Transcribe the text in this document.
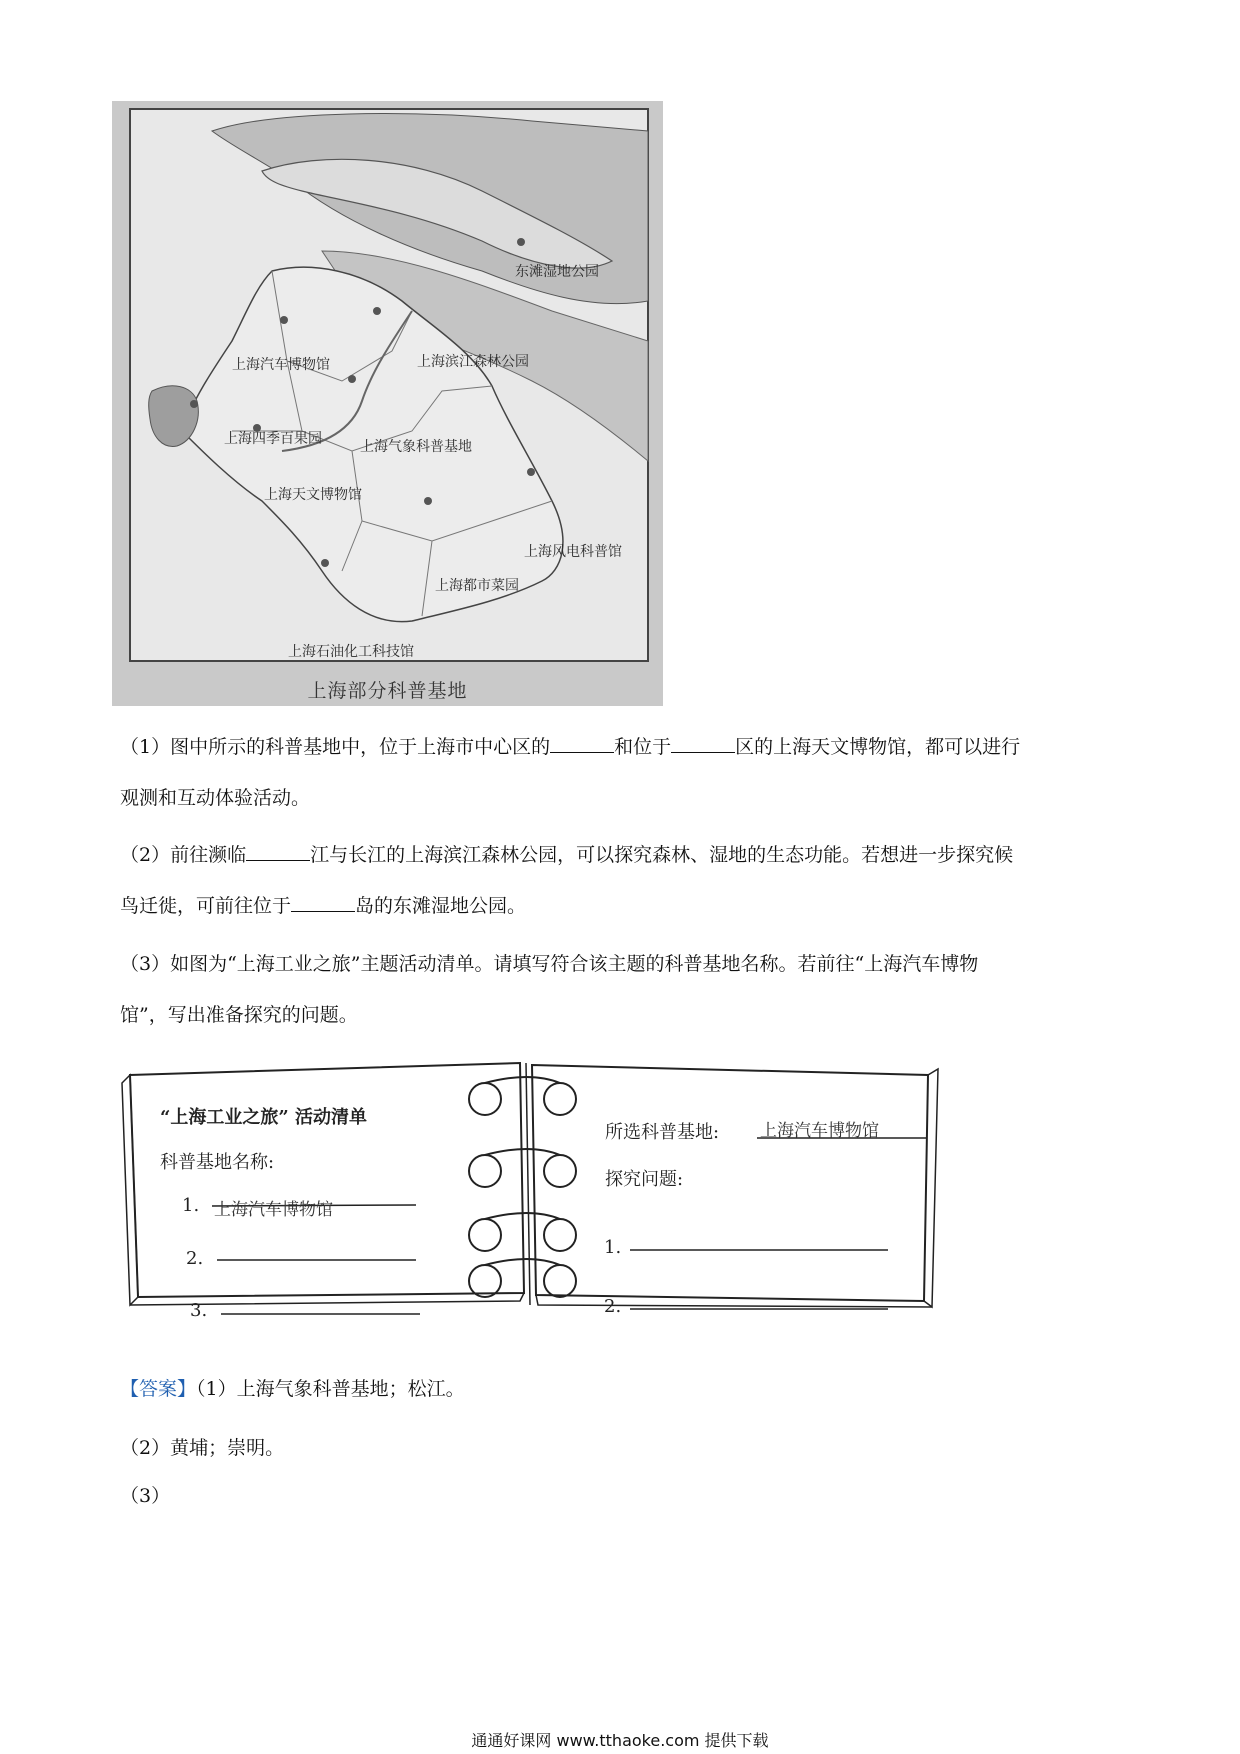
东滩湿地公园
上海汽车博物馆	上海滨江森林公园
上海四季百果园	上海气象科普基地
上海天文博物馆
上海风电科普馆
上海都市菜园
上海石油化工科技馆
上海部分科普基地

（1）图中所示的科普基地中，位于上海市中心区的	和位于	区的上海天文博物馆，都可以进行
观测和互动体验活动。

（2）前往濒临	江与长江的上海滨江森林公园，可以探究森林、湿地的生态功能。若想进一步探究候
鸟迁徙，可前往位于	岛的东滩湿地公园。

（3）如图为“上海工业之旅”主题活动清单。请填写符合该主题的科普基地名称。若前往“上海汽车博物
馆”，写出准备探究的问题。

“上海工业之旅” 活动清单
科普基地名称:
1. 上海汽车博物馆
2.
3.
所选科普基地: 上海汽车博物馆
探究问题:
1.
2.

【答案】（1）上海气象科普基地；松江。

（2）黄埔；崇明。

（3）

通通好课网 www.tthaoke.com 提供下载
